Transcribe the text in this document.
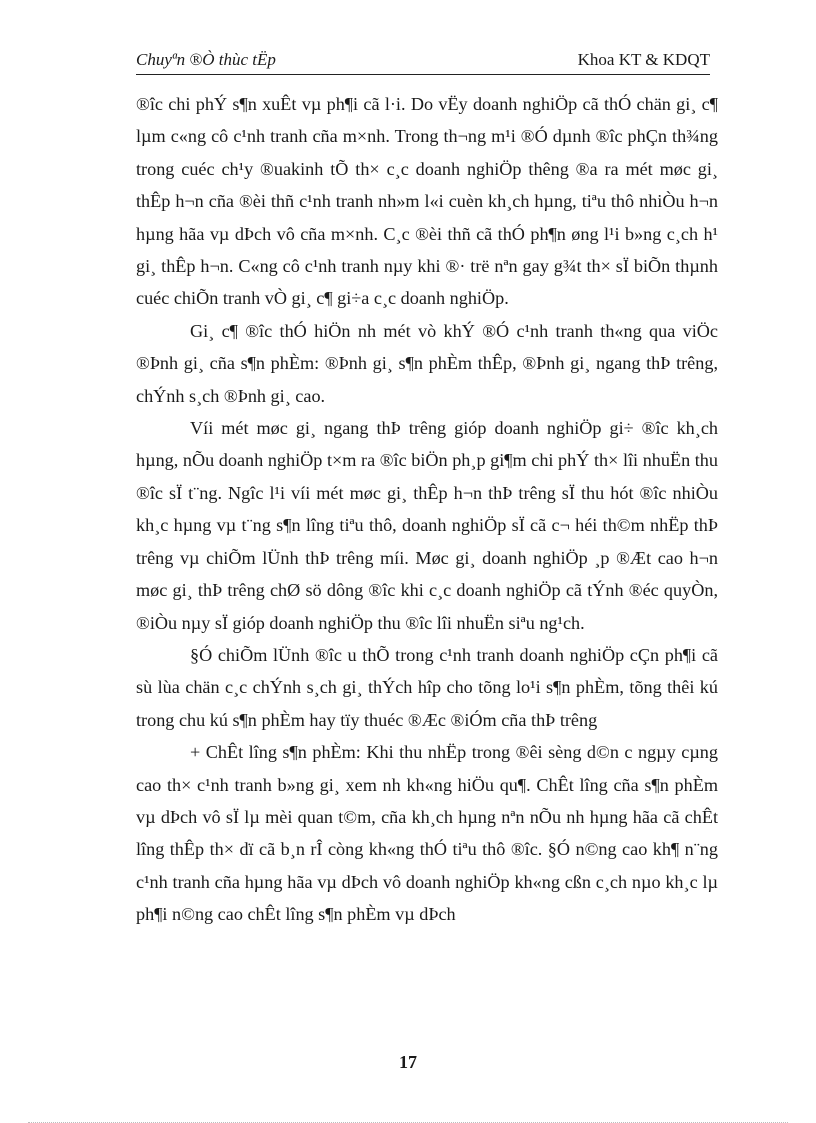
Chuyªn ®Ò thùc tËp	Khoa KT & KDQT

®îc chi phÝ s¶n xuÊt vµ ph¶i cã l·i. Do vËy doanh nghiÖp cã thÓ chän gi¸ c¶ lµm c«ng cô c¹nh tranh cña m×nh. Trong th¬ng m¹i ®Ó dµnh ®îc phÇn th¾ng trong cuéc ch¹y ®uakinh tÕ th× c¸c doanh nghiÖp thêng ®a ra mét møc gi¸ thÊp h¬n cña ®èi thñ c¹nh tranh nh»m l«i cuèn kh¸ch hµng, tiªu thô nhiÒu h¬n hµng hãa vµ dÞch vô cña m×nh. C¸c ®èi thñ cã thÓ ph¶n øng l¹i b»ng c¸ch h¹ gi¸ thÊp h¬n. C«ng cô c¹nh tranh nµy khi ®· trë nªn gay g¾t th× sÏ biÕn thµnh cuéc chiÕn tranh vÒ gi¸ c¶ gi÷a c¸c doanh nghiÖp.

Gi¸ c¶ ®îc thÓ hiÖn nh mét vò khÝ ®Ó c¹nh tranh th«ng qua viÖc ®Þnh gi¸ cña s¶n phÈm: ®Þnh gi¸ s¶n phÈm thÊp, ®Þnh gi¸ ngang thÞ trêng, chÝnh s¸ch ®Þnh gi¸ cao.

Víi mét møc gi¸ ngang thÞ trêng gióp doanh nghiÖp gi÷ ®îc kh¸ch hµng, nÕu doanh nghiÖp t×m ra ®îc biÖn ph¸p gi¶m chi phÝ th× lîi nhuËn thu ®îc sÏ t¨ng. Ngîc l¹i víi mét møc gi¸ thÊp h¬n thÞ trêng sÏ thu hót ®îc nhiÒu kh¸c hµng vµ t¨ng s¶n lîng tiªu thô, doanh nghiÖp sÏ cã c¬ héi th©m nhËp thÞ trêng vµ chiÕm lÜnh thÞ trêng míi. Møc gi¸ doanh nghiÖp ¸p ®Æt cao h¬n møc gi¸ thÞ trêng chØ sö dông ®îc khi c¸c doanh nghiÖp cã tÝnh ®éc quyÒn, ®iÒu nµy sÏ gióp doanh nghiÖp thu ®îc lîi nhuËn siªu ng¹ch.

§Ó chiÕm lÜnh ®îc u thÕ trong c¹nh tranh doanh nghiÖp cÇn ph¶i cã sù lùa chän c¸c chÝnh s¸ch gi¸ thÝch hîp cho tõng lo¹i s¶n phÈm, tõng thêi kú trong chu kú s¶n phÈm hay tïy thuéc ®Æc ®iÓm cña thÞ trêng

+ ChÊt lîng s¶n phÈm: Khi thu nhËp trong ®êi sèng d©n c ngµy cµng cao th× c¹nh tranh b»ng gi¸ xem nh kh«ng hiÖu qu¶. ChÊt lîng cña s¶n phÈm vµ dÞch vô sÏ lµ mèi quan t©m, cña kh¸ch hµng nªn nÕu nh hµng hãa cã chÊt lîng thÊp th× dï cã b¸n rÎ còng kh«ng thÓ tiªu thô ®îc. §Ó n©ng cao kh¶ n¨ng c¹nh tranh cña hµng hãa vµ dÞch vô doanh nghiÖp kh«ng cßn c¸ch nµo kh¸c lµ ph¶i n©ng cao chÊt lîng s¶n phÈm vµ dÞch

17
